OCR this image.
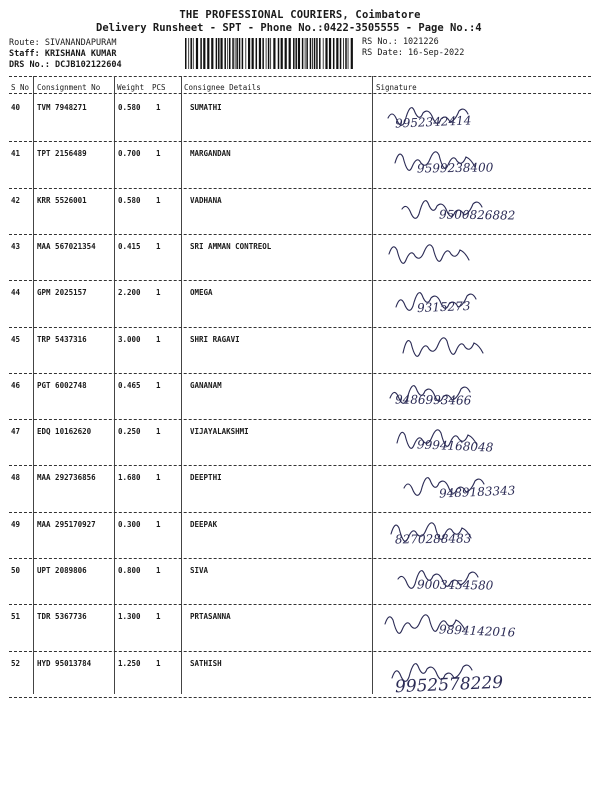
THE PROFESSIONAL COURIERS, Coimbatore
Delivery Runsheet - SPT - Phone No.:0422-3505555 - Page No.:4
Route: SIVANANDAPURAM
Staff: KRISHANA KUMAR
DRS No.: DCJB102122604
RS No.: 1021226
RS Date: 16-Sep-2022
S No Consignment No Weight PCS Consignee Details	Signature
40 TVM 7948271	0.580 1	SUMATHI
9952342414
41 TPT 2156489	0.700 1	MARGANDAN
9599238400
42 KRR 5526001	0.580 1	VADHANA
9500826882
43 MAA 567021354	0.415 1	SRI AMMAN CONTREOL
44 GPM 2025157	2.200 1	OMEGA
9315273
45 TRP 5437316	3.000 1	SHRI RAGAVI
46 PGT 6002748	0.465 1	GANANAM
9486993466
47 EDQ 10162620	0.250 1	VIJAYALAKSHMI
9994168048
48 MAA 292736856	1.680 1	DEEPTHI
9489183343
49 MAA 295170927	0.300 1	DEEPAK
8270288483
50 UPT 2089806	0.800 1	SIVA
9003454580
51 TDR 5367736	1.300 1	PRTASANNA
9894142016
52 HYD 95013784	1.250 1	SATHISH
9952578229
